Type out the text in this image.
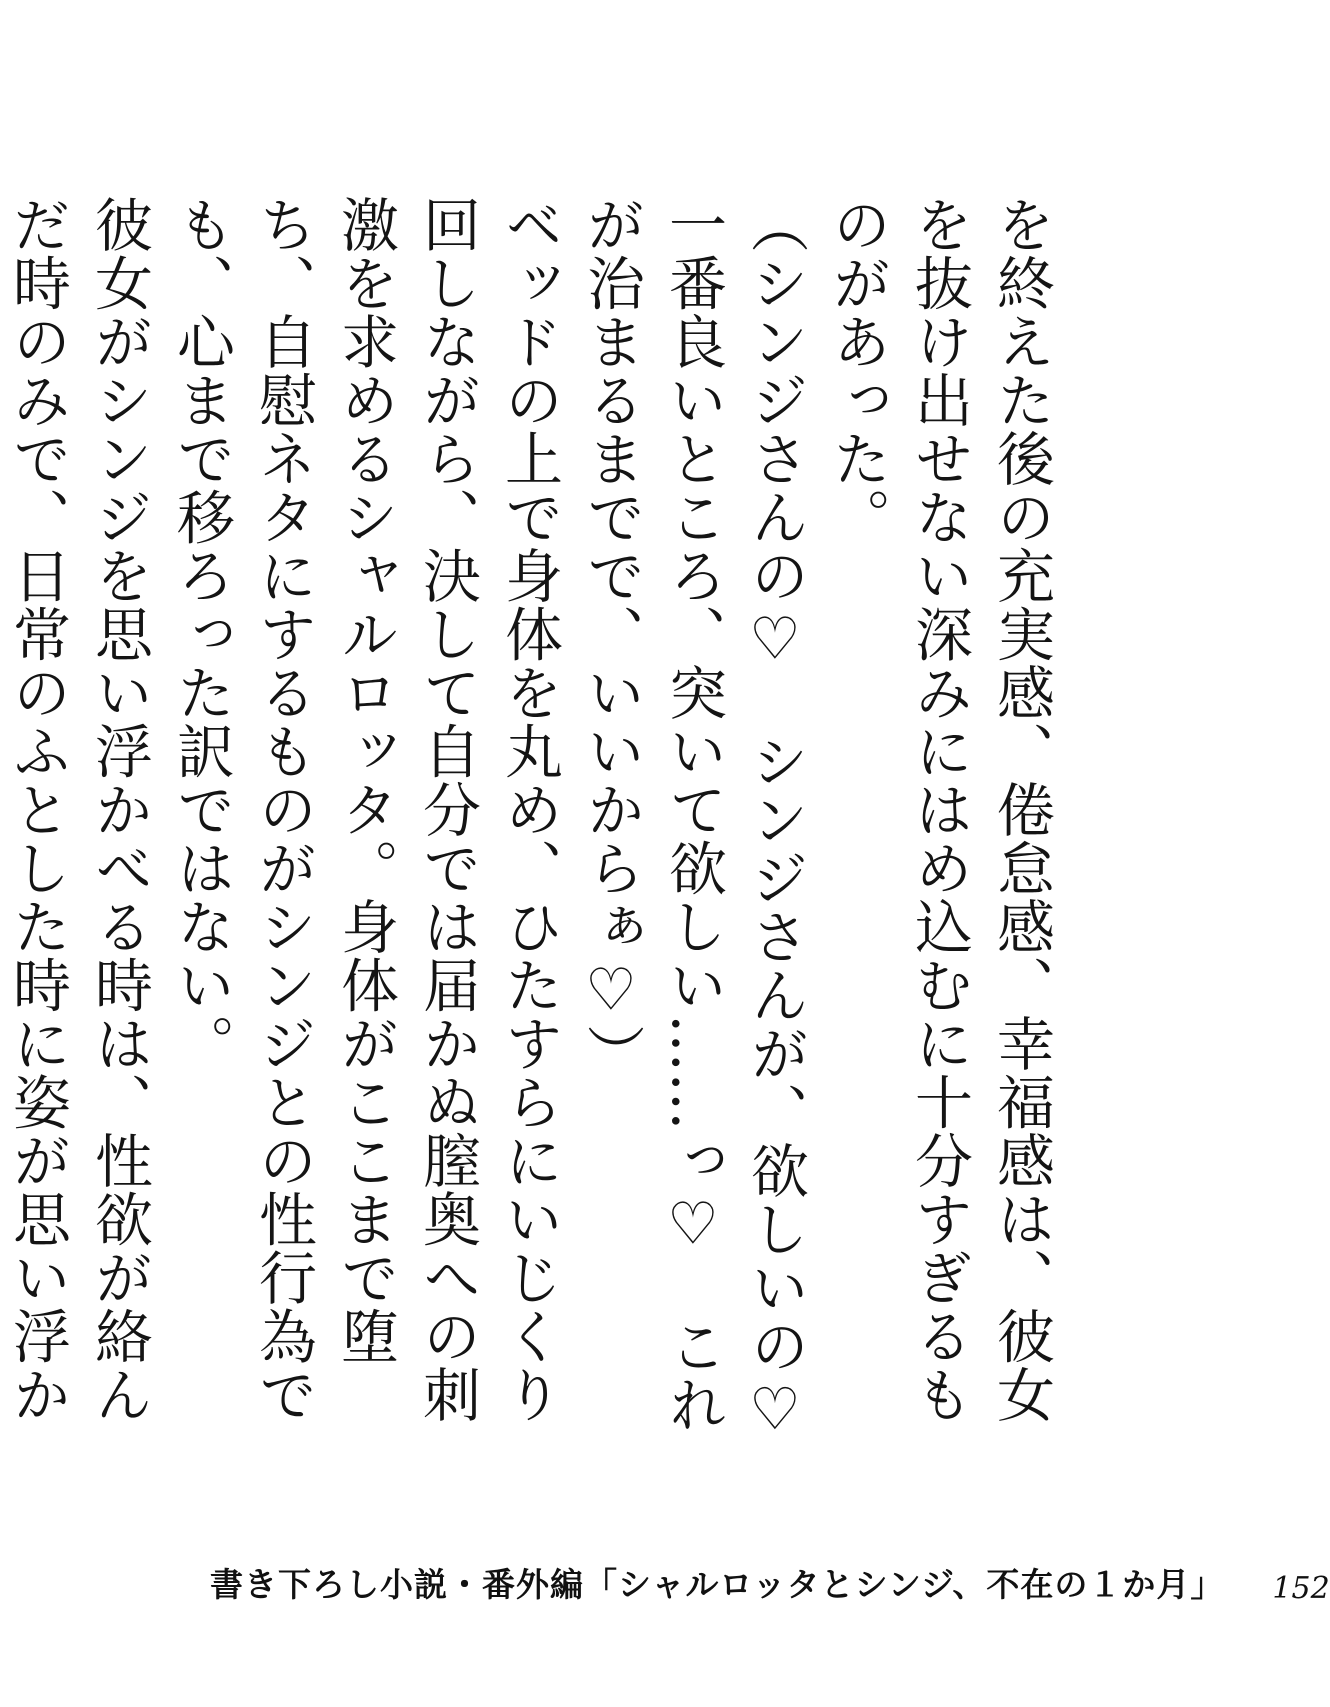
を終えた後の充実感、倦怠感、幸福感は、彼女を抜け出せない深みにはめ込むに十分すぎるものがあった。

（シンジさんの♡　シンジさんが、欲しいの♡　一番良いところ、突いて欲しい……っ♡　これが治まるまでで、いいからぁ♡）

ベッドの上で身体を丸め、ひたすらにいじくり回しながら、決して自分では届かぬ膣奥への刺激を求めるシャルロッタ。身体がここまで堕ち、自慰ネタにするものがシンジとの性行為でも、心まで移ろった訳ではない。

彼女がシンジを思い浮かべる時は、性欲が絡んだ時のみで、日常のふとした時に姿が思い浮か

書き下ろし小説・番外編「シャルロッタとシンジ、不在の１か月」 152
